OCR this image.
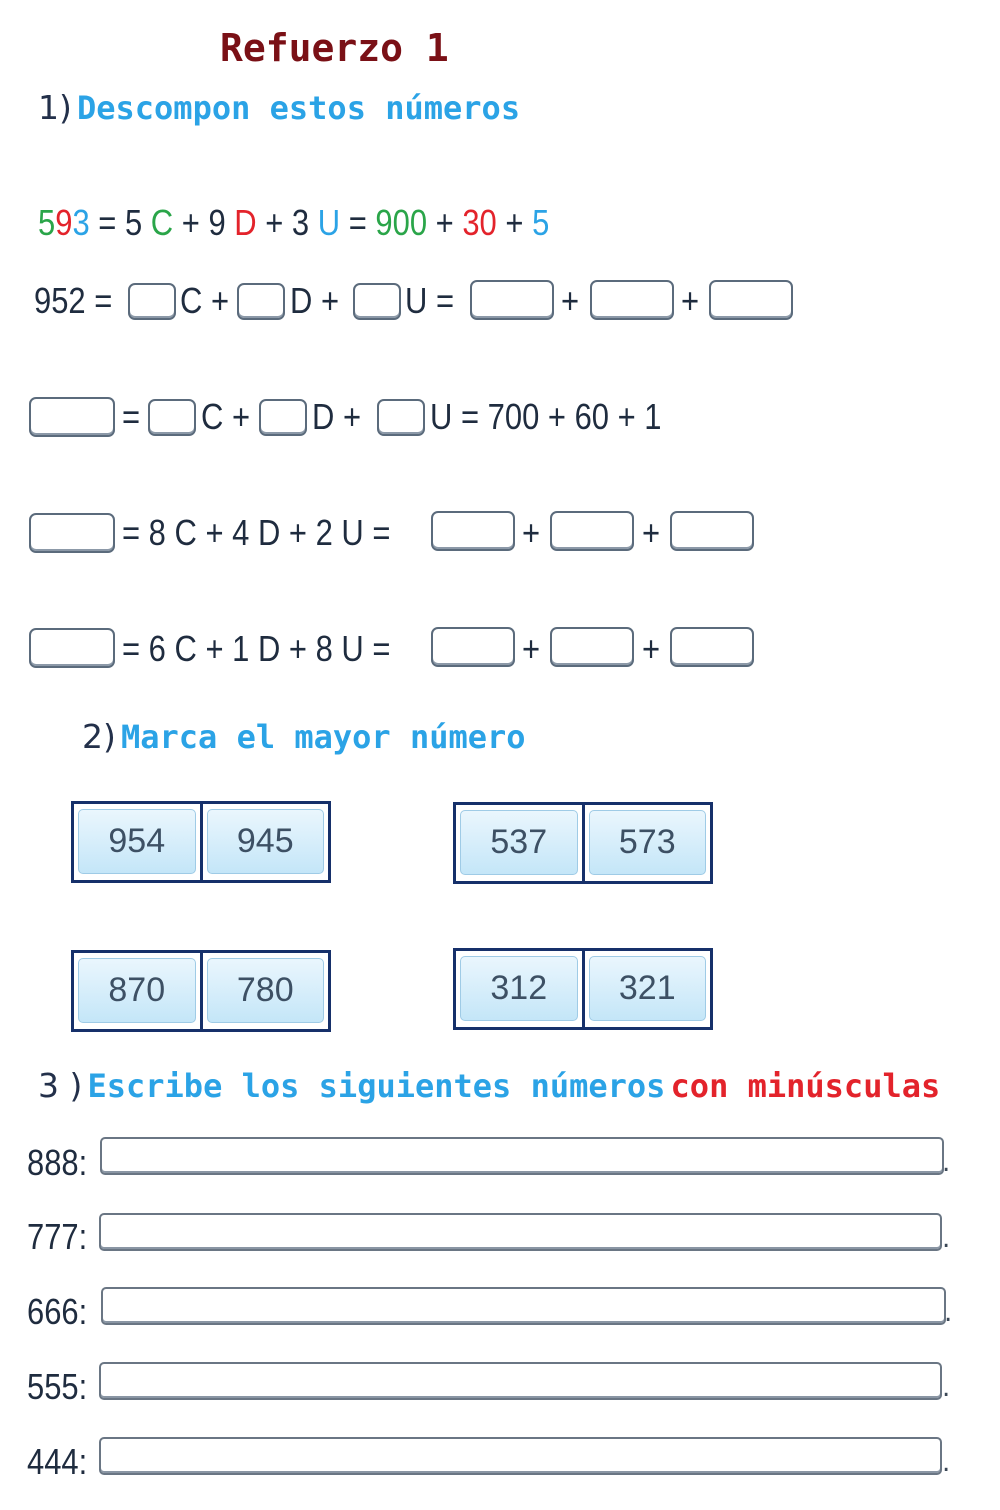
Refuerzo 1
1) Descompon estos números
593 = 5 C + 9 D + 3 U = 900 + 30 + 5
952 = C + D + U =	+	+
= C + D + U = 700 + 60 + 1
= 8 C + 4 D + 2 U =	+	+
= 6 C + 1 D + 8 U =	+	+
2) Marca el mayor número
954	945	537	573
870	780	312	321
3 ) Escribe los siguientes números con minúsculas
888:	.
777:	.
666:	.
555:	.
444:	.
